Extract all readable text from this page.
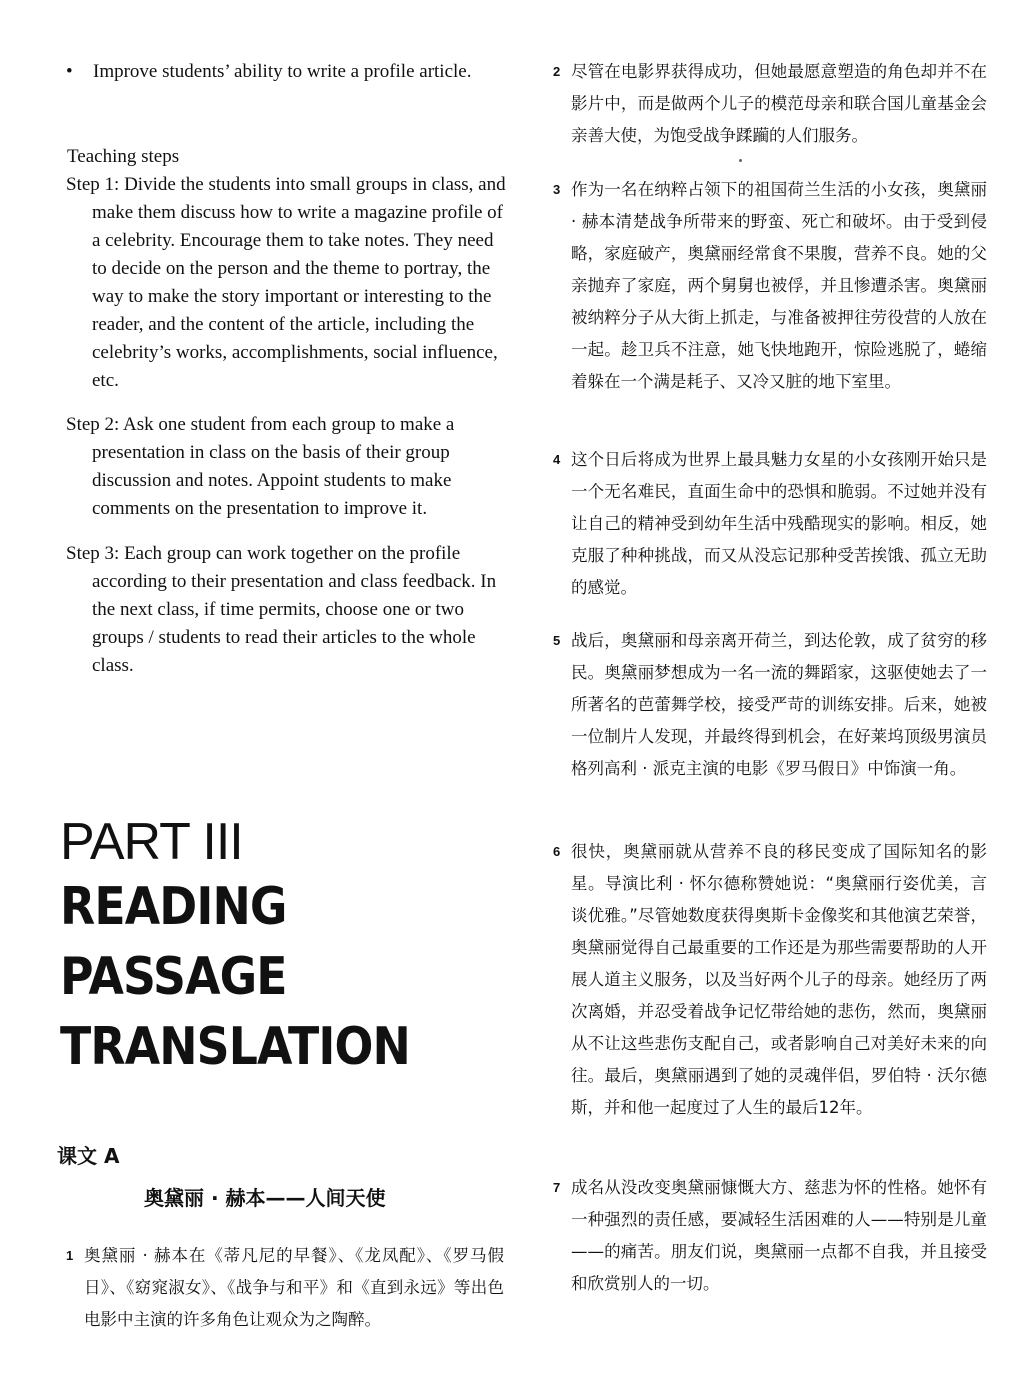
•	Improve students’ ability to write a profile article.
Teaching steps

Step 1: Divide the students into small groups in class, and make them discuss how to write a magazine profile of a celebrity. Encourage them to take notes. They need to decide on the person and the theme to portray, the way to make the story important or interesting to the reader, and the content of the article, including the celebrity’s works, accomplishments, social influence, etc.

Step 2: Ask one student from each group to make a presentation in class on the basis of their group discussion and notes. Appoint students to make comments on the presentation to improve it.

Step 3: Each group can work together on the profile according to their presentation and class feedback. In the next class, if time permits, choose one or two groups / students to read their articles to the whole class.

PART III
READING
PASSAGE
TRANSLATION
课文 A
奥黛丽 · 赫本——人间天使
1 奥黛丽 · 赫本在《蒂凡尼的早餐》、《龙凤配》、《罗马假日》、《窈窕淑女》、《战争与和平》和《直到永远》等出色电影中主演的许多角色让观众为之陶醉。

2 尽管在电影界获得成功，但她最愿意塑造的角色却并不在影片中，而是做两个儿子的模范母亲和联合国儿童基金会亲善大使，为饱受战争蹂躏的人们服务。

3 作为一名在纳粹占领下的祖国荷兰生活的小女孩，奥黛丽 · 赫本清楚战争所带来的野蛮、死亡和破坏。由于受到侵略，家庭破产，奥黛丽经常食不果腹，营养不良。她的父亲抛弃了家庭，两个舅舅也被俘，并且惨遭杀害。奥黛丽被纳粹分子从大街上抓走，与准备被押往劳役营的人放在一起。趁卫兵不注意，她飞快地跑开，惊险逃脱了，蜷缩着躲在一个满是耗子、又冷又脏的地下室里。

4 这个日后将成为世界上最具魅力女星的小女孩刚开始只是一个无名难民，直面生命中的恐惧和脆弱。不过她并没有让自己的精神受到幼年生活中残酷现实的影响。相反，她克服了种种挑战，而又从没忘记那种受苦挨饿、孤立无助的感觉。

5 战后，奥黛丽和母亲离开荷兰，到达伦敦，成了贫穷的移民。奥黛丽梦想成为一名一流的舞蹈家，这驱使她去了一所著名的芭蕾舞学校，接受严苛的训练安排。后来，她被一位制片人发现，并最终得到机会，在好莱坞顶级男演员格列高利 · 派克主演的电影《罗马假日》中饰演一角。

6 很快，奥黛丽就从营养不良的移民变成了国际知名的影星。导演比利 · 怀尔德称赞她说：“奥黛丽行姿优美，言谈优雅。”尽管她数度获得奥斯卡金像奖和其他演艺荣誉，奥黛丽觉得自己最重要的工作还是为那些需要帮助的人开展人道主义服务，以及当好两个儿子的母亲。她经历了两次离婚，并忍受着战争记忆带给她的悲伤，然而，奥黛丽从不让这些悲伤支配自己，或者影响自己对美好未来的向往。最后，奥黛丽遇到了她的灵魂伴侣，罗伯特 · 沃尔德斯，并和他一起度过了人生的最后12年。

7 成名从没改变奥黛丽慷慨大方、慈悲为怀的性格。她怀有一种强烈的责任感，要减轻生活困难的人——特别是儿童——的痛苦。朋友们说，奥黛丽一点都不自我，并且接受和欣赏别人的一切。
